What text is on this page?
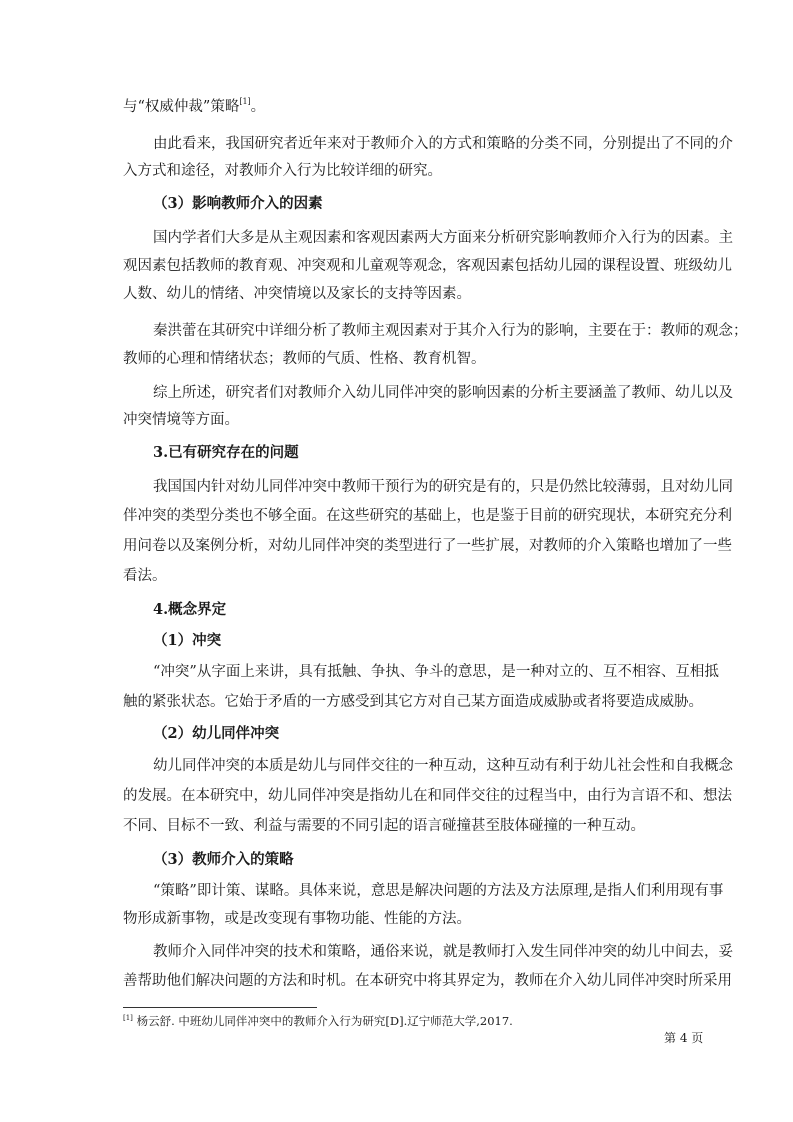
与“权威仲裁”策略[1]。
由此看来，我国研究者近年来对于教师介入的方式和策略的分类不同，分别提出了不同的介
入方式和途径，对教师介入行为比较详细的研究。
（3）影响教师介入的因素
国内学者们大多是从主观因素和客观因素两大方面来分析研究影响教师介入行为的因素。主
观因素包括教师的教育观、冲突观和儿童观等观念，客观因素包括幼儿园的课程设置、班级幼儿
人数、幼儿的情绪、冲突情境以及家长的支持等因素。
秦洪蕾在其研究中详细分析了教师主观因素对于其介入行为的影响，主要在于：教师的观念；
教师的心理和情绪状态；教师的气质、性格、教育机智。
综上所述，研究者们对教师介入幼儿同伴冲突的影响因素的分析主要涵盖了教师、幼儿以及
冲突情境等方面。
3.已有研究存在的问题
我国国内针对幼儿同伴冲突中教师干预行为的研究是有的，只是仍然比较薄弱，且对幼儿同
伴冲突的类型分类也不够全面。在这些研究的基础上，也是鉴于目前的研究现状，本研究充分利
用问卷以及案例分析，对幼儿同伴冲突的类型进行了一些扩展，对教师的介入策略也增加了一些
看法。
4.概念界定
（1）冲突
“冲突”从字面上来讲，具有抵触、争执、争斗的意思，是一种对立的、互不相容、互相抵
触的紧张状态。它始于矛盾的一方感受到其它方对自己某方面造成威胁或者将要造成威胁。
（2）幼儿同伴冲突
幼儿同伴冲突的本质是幼儿与同伴交往的一种互动，这种互动有利于幼儿社会性和自我概念
的发展。在本研究中，幼儿同伴冲突是指幼儿在和同伴交往的过程当中，由行为言语不和、想法
不同、目标不一致、利益与需要的不同引起的语言碰撞甚至肢体碰撞的一种互动。
（3）教师介入的策略
“策略”即计策、谋略。具体来说，意思是解决问题的方法及方法原理,是指人们利用现有事
物形成新事物，或是改变现有事物功能、性能的方法。
教师介入同伴冲突的技术和策略，通俗来说，就是教师打入发生同伴冲突的幼儿中间去，妥
善帮助他们解决问题的方法和时机。在本研究中将其界定为，教师在介入幼儿同伴冲突时所采用
[1] 杨云舒. 中班幼儿同伴冲突中的教师介入行为研究[D].辽宁师范大学,2017.
第 4 页
